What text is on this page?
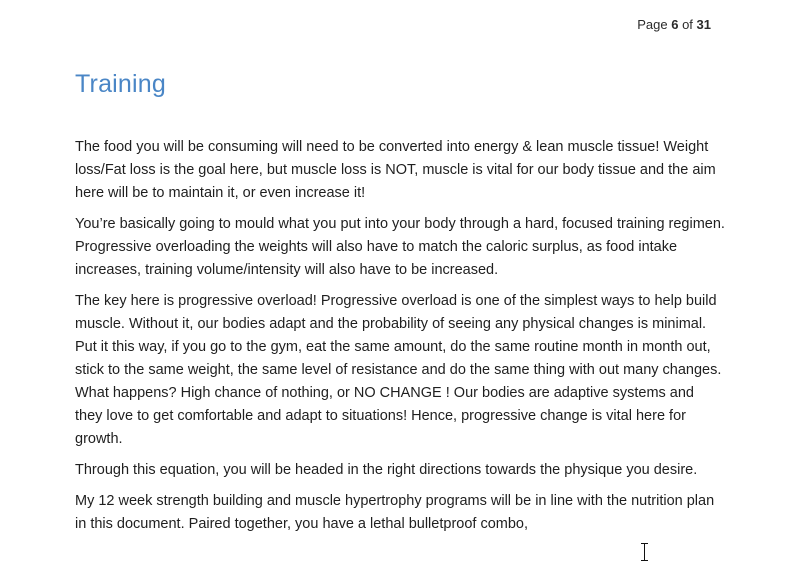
Page 6 of 31
Training

The food you will be consuming will need to be converted into energy & lean muscle tissue! Weight loss/Fat loss is the goal here, but muscle loss is NOT, muscle is vital for our body tissue and the aim here will be to maintain it, or even increase it!

You’re basically going to mould what you put into your body through a hard, focused training regimen. Progressive overloading the weights will also have to match the caloric surplus, as food intake increases, training volume/intensity will also have to be increased.

The key here is progressive overload! Progressive overload is one of the simplest ways to help build muscle. Without it, our bodies adapt and the probability of seeing any physical changes is minimal. Put it this way, if you go to the gym, eat the same amount, do the same routine month in month out, stick to the same weight, the same level of resistance and do the same thing with out many changes. What happens? High chance of nothing, or NO CHANGE ! Our bodies are adaptive systems and they love to get comfortable and adapt to situations! Hence, progressive change is vital here for growth.

Through this equation, you will be headed in the right directions towards the physique you desire.

My 12 week strength building and muscle hypertrophy programs will be in line with the nutrition plan in this document. Paired together, you have a lethal bulletproof combo,
